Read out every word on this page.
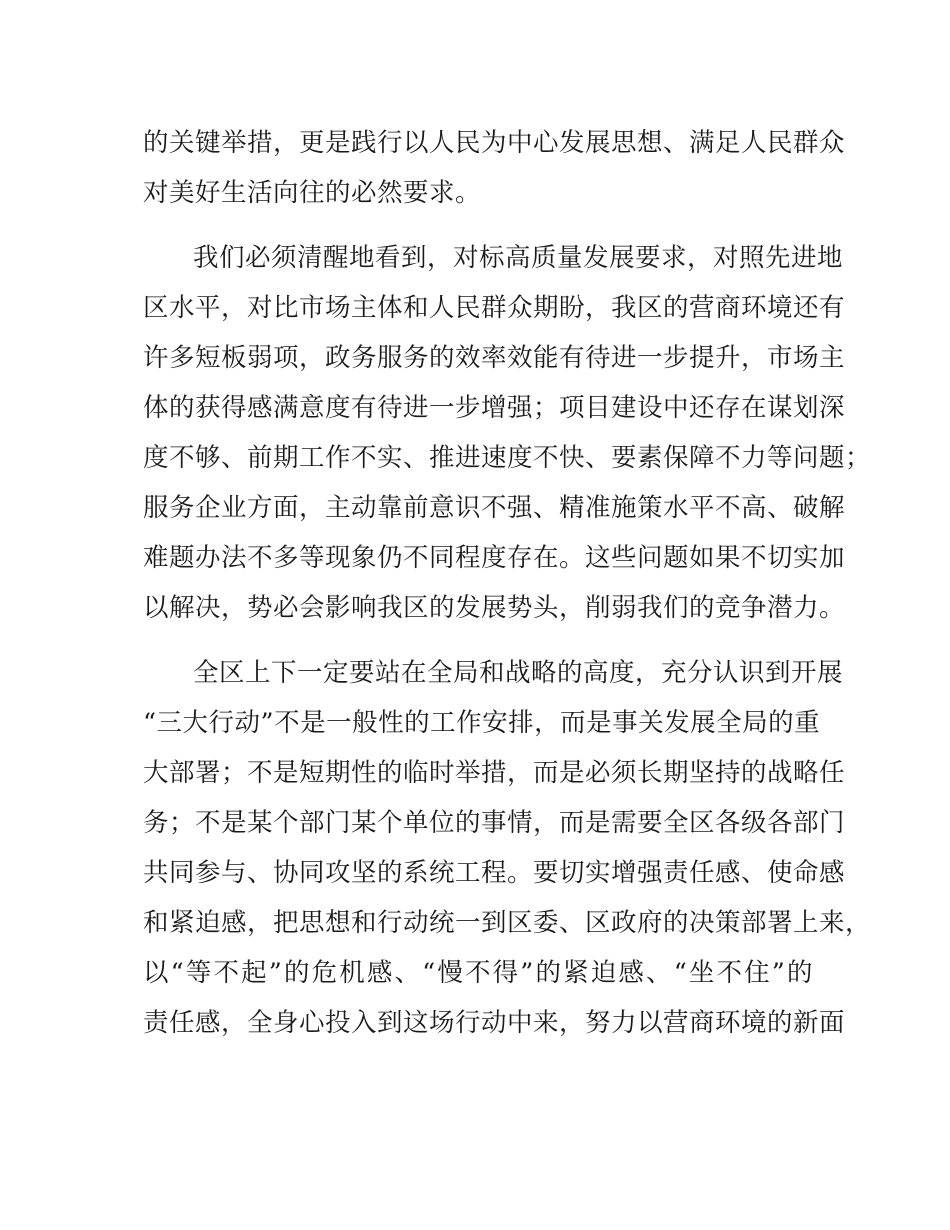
的关键举措，更是践行以人民为中心发展思想、满足人民群众
对美好生活向往的必然要求。
我们必须清醒地看到，对标高质量发展要求，对照先进地
区水平，对比市场主体和人民群众期盼，我区的营商环境还有
许多短板弱项，政务服务的效率效能有待进一步提升，市场主
体的获得感满意度有待进一步增强；项目建设中还存在谋划深
度不够、前期工作不实、推进速度不快、要素保障不力等问题；
服务企业方面，主动靠前意识不强、精准施策水平不高、破解
难题办法不多等现象仍不同程度存在。这些问题如果不切实加
以解决，势必会影响我区的发展势头，削弱我们的竞争潜力。
全区上下一定要站在全局和战略的高度，充分认识到开展
“三大行动”不是一般性的工作安排，而是事关发展全局的重
大部署；不是短期性的临时举措，而是必须长期坚持的战略任
务；不是某个部门某个单位的事情，而是需要全区各级各部门
共同参与、协同攻坚的系统工程。要切实增强责任感、使命感
和紧迫感，把思想和行动统一到区委、区政府的决策部署上来，
以“等不起”的危机感、“慢不得”的紧迫感、“坐不住”的
责任感，全身心投入到这场行动中来，努力以营商环境的新面
